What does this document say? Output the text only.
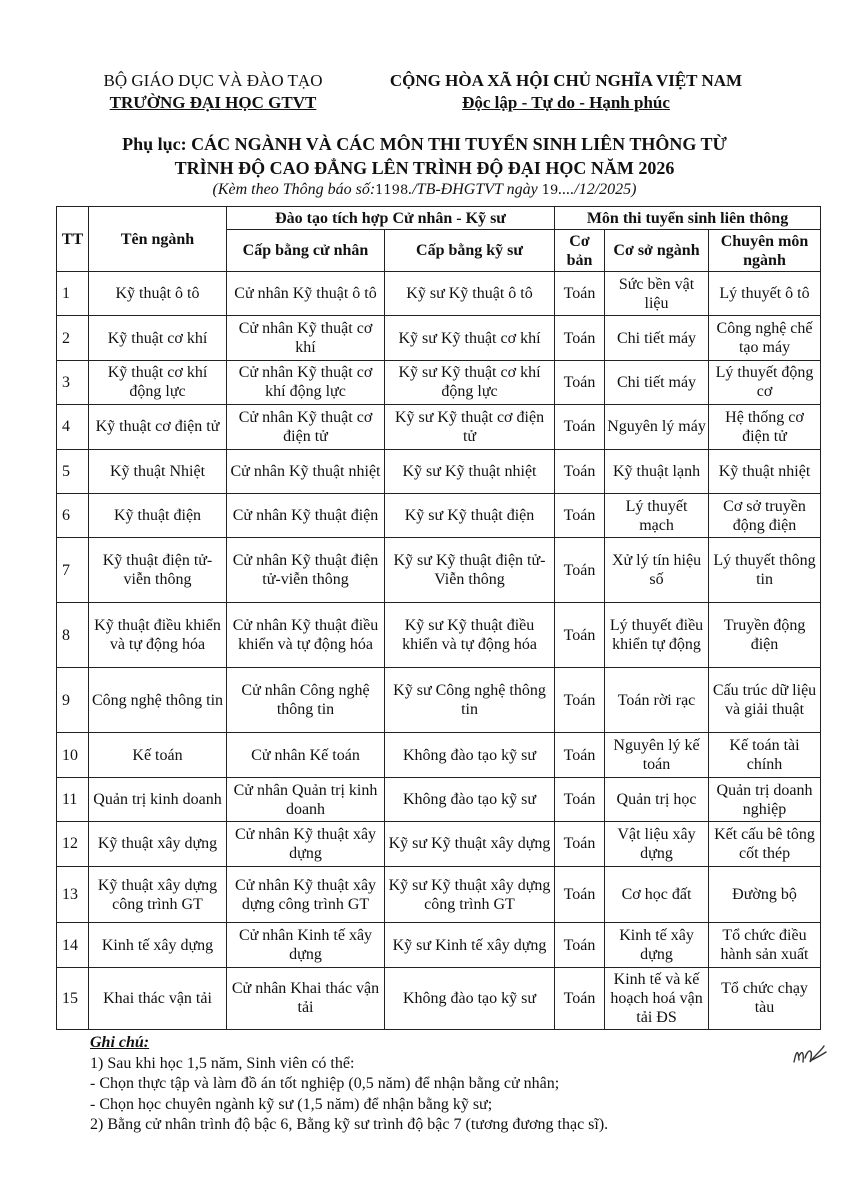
BỘ GIÁO DỤC VÀ ĐÀO TẠO
TRƯỜNG ĐẠI HỌC GTVT
CỘNG HÒA XÃ HỘI CHỦ NGHĨA VIỆT NAM
Độc lập - Tự do - Hạnh phúc
Phụ lục: CÁC NGÀNH VÀ CÁC MÔN THI TUYỂN SINH LIÊN THÔNG TỪ
TRÌNH ĐỘ CAO ĐẲNG LÊN TRÌNH ĐỘ ĐẠI HỌC NĂM 2026
(Kèm theo Thông báo số:1198./TB-ĐHGTVT ngày 19..../12/2025)
TT	Tên ngành	Đào tạo tích hợp Cử nhân - Kỹ sư		Môn thi tuyển sinh liên thông		
		Cấp bằng cử nhân	Cấp bằng kỹ sư	Cơ bản	Cơ sở ngành	Chuyên môn ngành
1	Kỹ thuật ô tô	Cử nhân Kỹ thuật ô tô	Kỹ sư Kỹ thuật ô tô	Toán	Sức bền vật liệu	Lý thuyết ô tô
2	Kỹ thuật cơ khí	Cử nhân Kỹ thuật cơ khí	Kỹ sư Kỹ thuật cơ khí	Toán	Chi tiết máy	Công nghệ chế tạo máy
3	Kỹ thuật cơ khí động lực	Cử nhân Kỹ thuật cơ khí động lực	Kỹ sư Kỹ thuật cơ khí động lực	Toán	Chi tiết máy	Lý thuyết động cơ
4	Kỹ thuật cơ điện tử	Cử nhân Kỹ thuật cơ điện tử	Kỹ sư Kỹ thuật cơ điện tử	Toán	Nguyên lý máy	Hệ thống cơ điện tử
5	Kỹ thuật Nhiệt	Cử nhân Kỹ thuật nhiệt	Kỹ sư Kỹ thuật nhiệt	Toán	Kỹ thuật lạnh	Kỹ thuật nhiệt
6	Kỹ thuật điện	Cử nhân Kỹ thuật điện	Kỹ sư Kỹ thuật điện	Toán	Lý thuyết mạch	Cơ sở truyền động điện
7	Kỹ thuật điện tử-viễn thông	Cử nhân Kỹ thuật điện tử-viễn thông	Kỹ sư Kỹ thuật điện tử- Viễn thông	Toán	Xử lý tín hiệu số	Lý thuyết thông tin
8	Kỹ thuật điều khiển và tự động hóa	Cử nhân Kỹ thuật điều khiển và tự động hóa	Kỹ sư Kỹ thuật điều khiển và tự động hóa	Toán	Lý thuyết điều khiển tự động	Truyền động điện
9	Công nghệ thông tin	Cử nhân Công nghệ thông tin	Kỹ sư Công nghệ thông tin	Toán	Toán rời rạc	Cấu trúc dữ liệu và giải thuật
10	Kế toán	Cử nhân Kế toán	Không đào tạo kỹ sư	Toán	Nguyên lý kế toán	Kế toán tài chính
11	Quản trị kinh doanh	Cử nhân Quản trị kinh doanh	Không đào tạo kỹ sư	Toán	Quản trị học	Quản trị doanh nghiệp
12	Kỹ thuật xây dựng	Cử nhân Kỹ thuật xây dựng	Kỹ sư Kỹ thuật xây dựng	Toán	Vật liệu xây dựng	Kết cấu bê tông cốt thép
13	Kỹ thuật xây dựng công trình GT	Cử nhân Kỹ thuật xây dựng công trình GT	Kỹ sư Kỹ thuật xây dựng công trình GT	Toán	Cơ học đất	Đường bộ
14	Kinh tế xây dựng	Cử nhân Kinh tế xây dựng	Kỹ sư Kinh tế xây dựng	Toán	Kinh tế xây dựng	Tổ chức điều hành sản xuất
15	Khai thác vận tải	Cử nhân Khai thác vận tải	Không đào tạo kỹ sư	Toán	Kinh tế và kế hoạch hoá vận tải ĐS	Tổ chức chạy tàu
Ghi chú:
1) Sau khi học 1,5 năm, Sinh viên có thể:
- Chọn thực tập và làm đồ án tốt nghiệp (0,5 năm) để nhận bằng cử nhân;
- Chọn học chuyên ngành kỹ sư (1,5 năm) để nhận bằng kỹ sư;
2) Bằng cử nhân trình độ bậc 6, Bằng kỹ sư trình độ bậc 7 (tương đương thạc sĩ).
